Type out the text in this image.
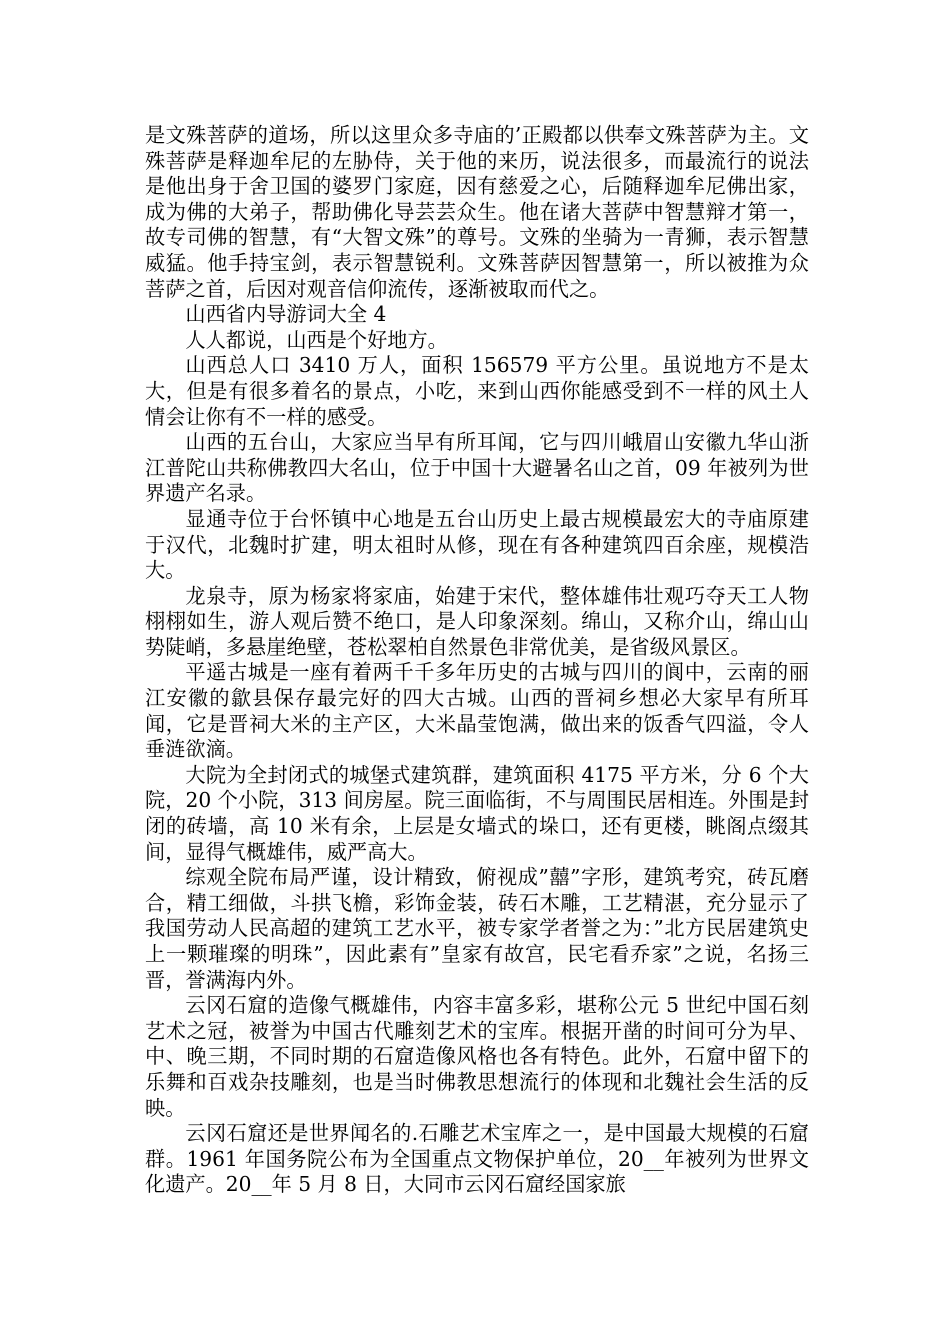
是文殊菩萨的道场，所以这里众多寺庙的’正殿都以供奉文殊菩萨为主。文殊菩萨是释迦牟尼的左胁侍，关于他的来历，说法很多，而最流行的说法是他出身于舍卫国的婆罗门家庭，因有慈爱之心，后随释迦牟尼佛出家，成为佛的大弟子，帮助佛化导芸芸众生。他在诸大菩萨中智慧辩才第一，故专司佛的智慧，有“大智文殊”的尊号。文殊的坐骑为一青狮，表示智慧威猛。他手持宝剑，表示智慧锐利。文殊菩萨因智慧第一，所以被推为众菩萨之首，后因对观音信仰流传，逐渐被取而代之。

山西省内导游词大全 4

人人都说，山西是个好地方。

山西总人口 3410 万人，面积 156579 平方公里。虽说地方不是太大，但是有很多着名的景点，小吃，来到山西你能感受到不一样的风土人情会让你有不一样的感受。

山西的五台山，大家应当早有所耳闻，它与四川峨眉山安徽九华山浙江普陀山共称佛教四大名山，位于中国十大避暑名山之首，09 年被列为世界遗产名录。

显通寺位于台怀镇中心地是五台山历史上最古规模最宏大的寺庙原建于汉代，北魏时扩建，明太祖时从修，现在有各种建筑四百余座，规模浩大。

龙泉寺，原为杨家将家庙，始建于宋代，整体雄伟壮观巧夺天工人物栩栩如生，游人观后赞不绝口，是人印象深刻。绵山，又称介山，绵山山势陡峭，多悬崖绝壁，苍松翠柏自然景色非常优美，是省级风景区。

平遥古城是一座有着两千千多年历史的古城与四川的阆中，云南的丽江安徽的歙县保存最完好的四大古城。山西的晋祠乡想必大家早有所耳闻，它是晋祠大米的主产区，大米晶莹饱满，做出来的饭香气四溢，令人垂涟欲滴。

大院为全封闭式的城堡式建筑群，建筑面积 4175 平方米，分 6 个大院，20 个小院，313 间房屋。院三面临街，不与周围民居相连。外围是封闭的砖墙，高 10 米有余，上层是女墙式的垛口，还有更楼，眺阁点缀其间，显得气概雄伟，威严高大。

综观全院布局严谨，设计精致，俯视成”囍”字形，建筑考究，砖瓦磨合，精工细做，斗拱飞檐，彩饰金装，砖石木雕，工艺精湛，充分显示了我国劳动人民高超的建筑工艺水平，被专家学者誉之为：”北方民居建筑史上一颗璀璨的明珠”，因此素有”皇家有故宫，民宅看乔家”之说，名扬三晋，誉满海内外。

云冈石窟的造像气概雄伟，内容丰富多彩，堪称公元 5 世纪中国石刻艺术之冠，被誉为中国古代雕刻艺术的宝库。根据开凿的时间可分为早、中、晚三期，不同时期的石窟造像风格也各有特色。此外，石窟中留下的乐舞和百戏杂技雕刻，也是当时佛教思想流行的体现和北魏社会生活的反映。

云冈石窟还是世界闻名的.石雕艺术宝库之一，是中国最大规模的石窟群。1961 年国务院公布为全国重点文物保护单位，20__年被列为世界文化遗产。20__年 5 月 8 日，大同市云冈石窟经国家旅
